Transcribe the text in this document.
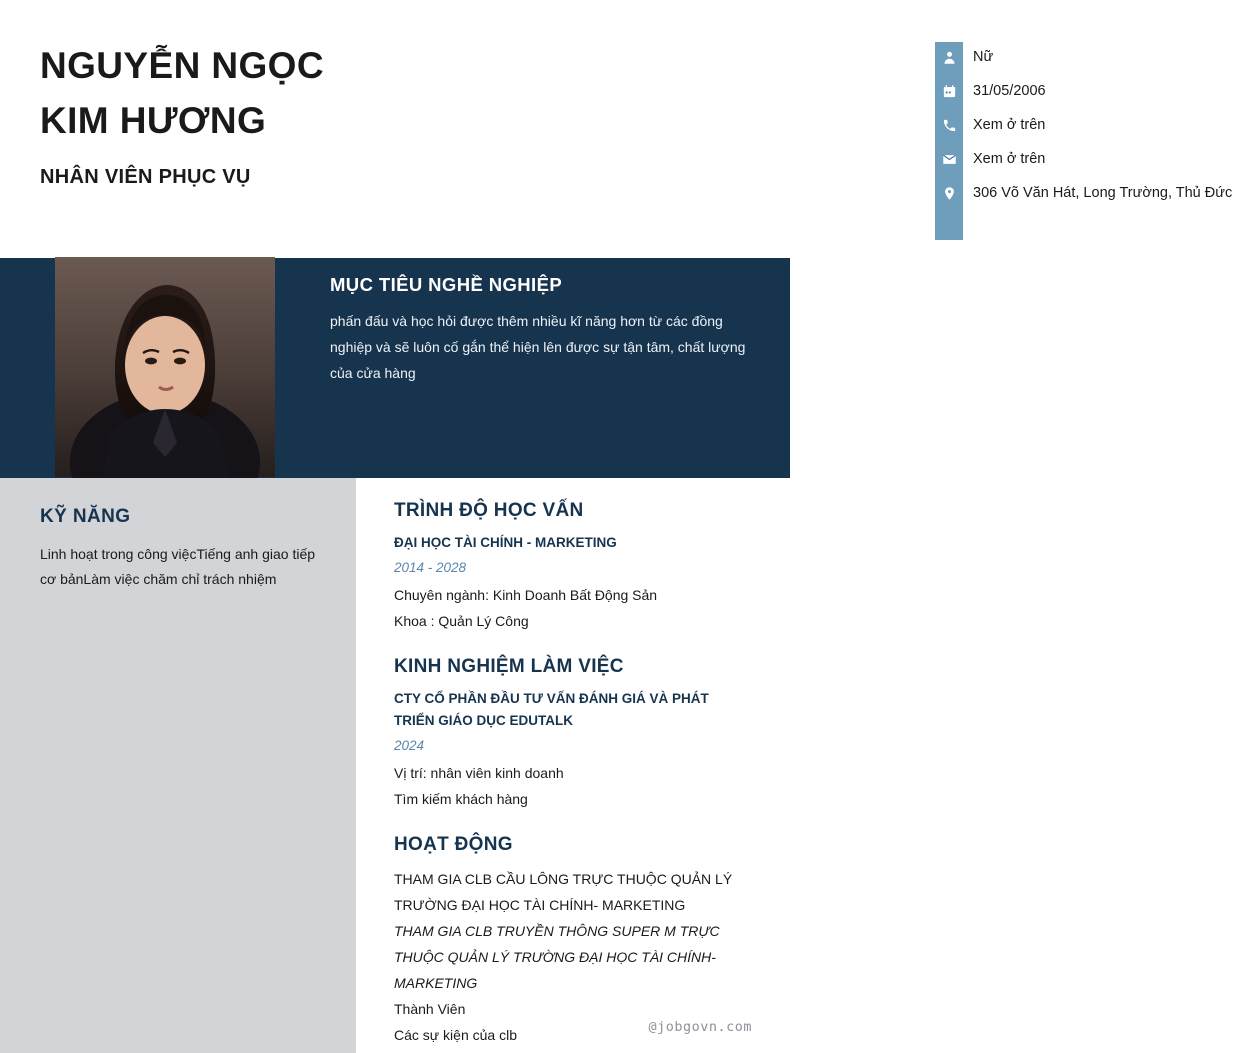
NGUYỄN NGỌC
KIM HƯƠNG
NHÂN VIÊN PHỤC VỤ
Nữ
31/05/2006
Xem ở trên
Xem ở trên
306 Võ Văn Hát, Long Trường, Thủ Đức
MỤC TIÊU NGHỀ NGHIỆP

phấn đấu và học hỏi được thêm nhiều kĩ năng hơn từ các đồng nghiệp và sẽ luôn cố gắn thể hiện lên được sự tận tâm, chất lượng của cửa hàng

KỸ NĂNG

Linh hoạt trong công việcTiếng anh giao tiếp cơ bảnLàm việc chăm chỉ trách nhiệm

TRÌNH ĐỘ HỌC VẤN
ĐẠI HỌC TÀI CHÍNH - MARKETING
2014 - 2028
Chuyên ngành: Kinh Doanh Bất Động Sản
Khoa : Quản Lý Công
KINH NGHIỆM LÀM VIỆC
CTY CỔ PHẦN ĐẦU TƯ VẤN ĐÁNH GIÁ VÀ PHÁT TRIỂN GIÁO DỤC EDUTALK
2024
Vị trí: nhân viên kinh doanh
Tìm kiếm khách hàng
HOẠT ĐỘNG
THAM GIA CLB CẦU LÔNG TRỰC THUỘC QUẢN LÝ TRƯỜNG ĐẠI HỌC TÀI CHÍNH- MARKETING
THAM GIA CLB TRUYỀN THÔNG SUPER M TRỰC THUỘC QUẢN LÝ TRƯỜNG ĐẠI HỌC TÀI CHÍNH- MARKETING
Thành Viên
Các sự kiện của clb	@jobgovn.com
